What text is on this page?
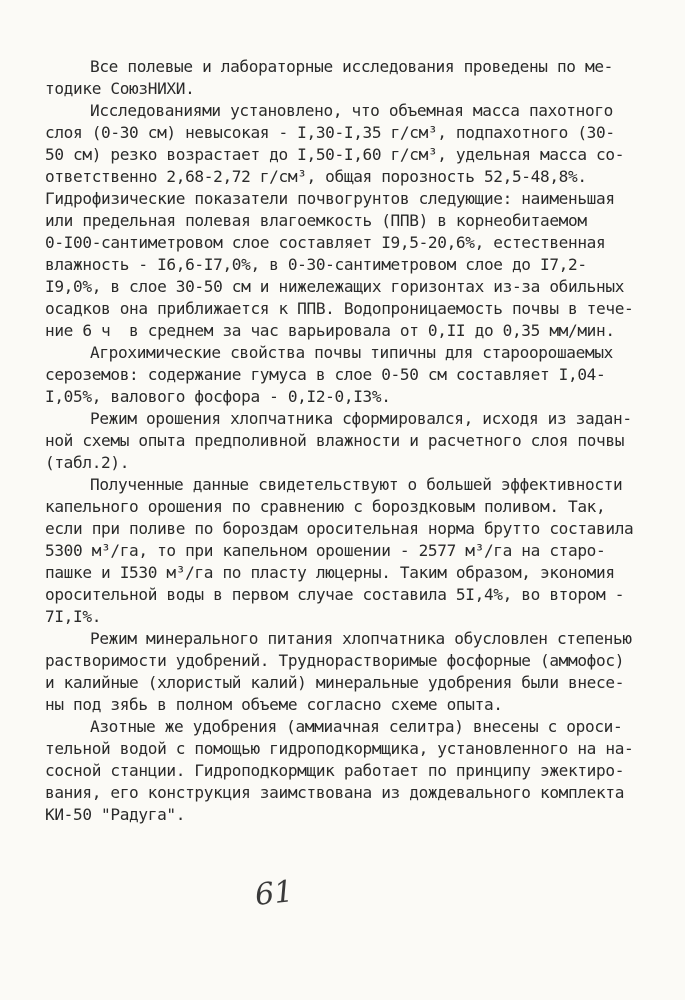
Все полевые и лабораторные исследования проведены по ме-
тодике СоюзНИХИ.
Исследованиями установлено, что объемная масса пахотного
слоя (0-30 см) невысокая - I,30-I,35 г/см³, подпахотного (30-
50 см) резко возрастает до I,50-I,60 г/см³, удельная масса со-
ответственно 2,68-2,72 г/см³, общая порозность 52,5-48,8%.
Гидрофизические показатели почвогрунтов следующие: наименьшая
или предельная полевая влагоемкость (ППВ) в корнеобитаемом
0-I00-сантиметровом слое составляет I9,5-20,6%, естественная
влажность - I6,6-I7,0%, в 0-30-сантиметровом слое до I7,2-
I9,0%, в слое 30-50 см и нижележащих горизонтах из-за обильных
осадков она приближается к ППВ. Водопроницаемость почвы в тече-
ние 6 ч  в среднем за час варьировала от 0,II до 0,35 мм/мин.
Агрохимические свойства почвы типичны для староорошаемых
сероземов: содержание гумуса в слое 0-50 см составляет I,04-
I,05%, валового фосфора - 0,I2-0,I3%.
Режим орошения хлопчатника сформировался, исходя из задан-
ной схемы опыта предполивной влажности и расчетного слоя почвы
(табл.2).
Полученные данные свидетельствуют о большей эффективности
капельного орошения по сравнению с бороздковым поливом. Так,
если при поливе по бороздам оросительная норма брутто составила
5300 м³/га, то при капельном орошении - 2577 м³/га на старо-
пашке и I530 м³/га по пласту люцерны. Таким образом, экономия
оросительной воды в первом случае составила 5I,4%, во втором -
7I,I%.
Режим минерального питания хлопчатника обусловлен степенью
растворимости удобрений. Труднорастворимые фосфорные (аммофос)
и калийные (хлористый калий) минеральные удобрения были внесе-
ны под зябь в полном объеме согласно схеме опыта.
Азотные же удобрения (аммиачная селитра) внесены с ороси-
тельной водой с помощью гидроподкормщика, установленного на на-
сосной станции. Гидроподкормщик работает по принципу эжектиро-
вания, его конструкция заимствована из дождевального комплекта
КИ-50 "Радуга".
61
